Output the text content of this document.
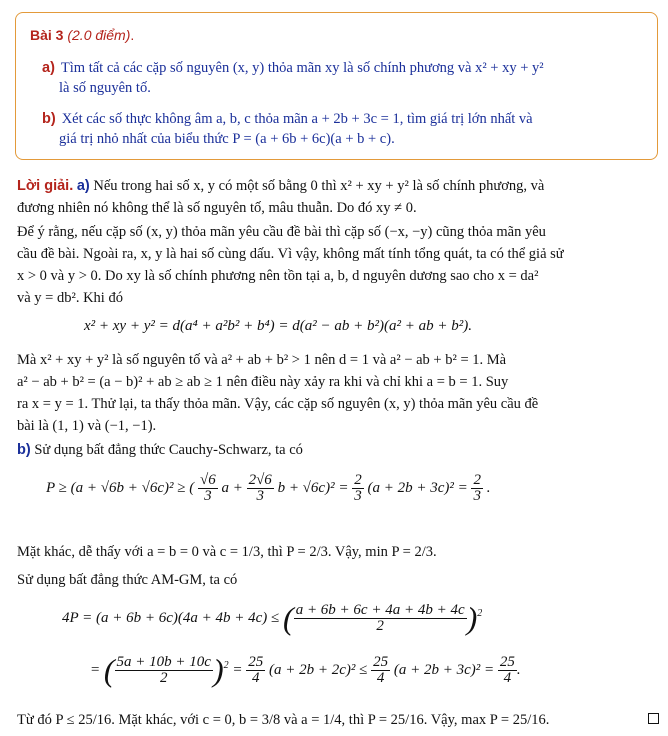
Bài 3 (2.0 điểm).
a) Tìm tất cả các cặp số nguyên (x, y) thỏa mãn xy là số chính phương và x² + xy + y²
là số nguyên tố.
b) Xét các số thực không âm a, b, c thỏa mãn a + 2b + 3c = 1, tìm giá trị lớn nhất và
giá trị nhỏ nhất của biểu thức P = (a + 6b + 6c)(a + b + c).
Lời giải. a) Nếu trong hai số x, y có một số bằng 0 thì x² + xy + y² là số chính phương, và
đương nhiên nó không thể là số nguyên tố, mâu thuẫn. Do đó xy ≠ 0.
Để ý rằng, nếu cặp số (x, y) thỏa mãn yêu cầu đề bài thì cặp số (−x, −y) cũng thỏa mãn yêu
cầu đề bài. Ngoài ra, x, y là hai số cùng dấu. Vì vậy, không mất tính tổng quát, ta có thể giả sử
x > 0 và y > 0. Do xy là số chính phương nên tồn tại a, b, d nguyên dương sao cho x = da²
và y = db². Khi đó
x² + xy + y² = d(a⁴ + a²b² + b⁴) = d(a² − ab + b²)(a² + ab + b²).
Mà x² + xy + y² là số nguyên tố và a² + ab + b² > 1 nên d = 1 và a² − ab + b² = 1. Mà
a² − ab + b² = (a − b)² + ab ≥ ab ≥ 1 nên điều này xảy ra khi và chỉ khi a = b = 1. Suy
ra x = y = 1. Thử lại, ta thấy thỏa mãn. Vậy, các cặp số nguyên (x, y) thỏa mãn yêu cầu đề
bài là (1, 1) và (−1, −1).
b) Sử dụng bất đẳng thức Cauchy-Schwarz, ta có
P ≥ (a + √6b + √6c)² ≥ ( $\frac{√6}{3}$ $a + \frac{2√6}{3}$ $b + √6c)^2 = \frac{2}{3} (a + 2b + 3c)^2 = \frac{2}{3}$ .
Mặt khác, dễ thấy với a = b = 0 và c = 1/3, thì P = 2/3. Vậy, min P = 2/3.
Sử dụng bất đẳng thức AM-GM, ta có
4P = (a + 6b + 6c)(4a + 4b + 4c) ≤ ( $\frac{a + 6b + 6c + 4a + 4b + 4c}{2} )^2$
= ( $\frac{5a + 10b + 10c}{2} )^2 = \frac{25}{4} (a + 2b + 2c)^2 \le \frac{25}{4} (a + 2b + 3c)^2 = \frac{25}{4}$ .
Từ đó P ≤ 25/16. Mặt khác, với c = 0, b = 3/8 và a = 1/4, thì P = 25/16. Vậy, max P = 25/16.
